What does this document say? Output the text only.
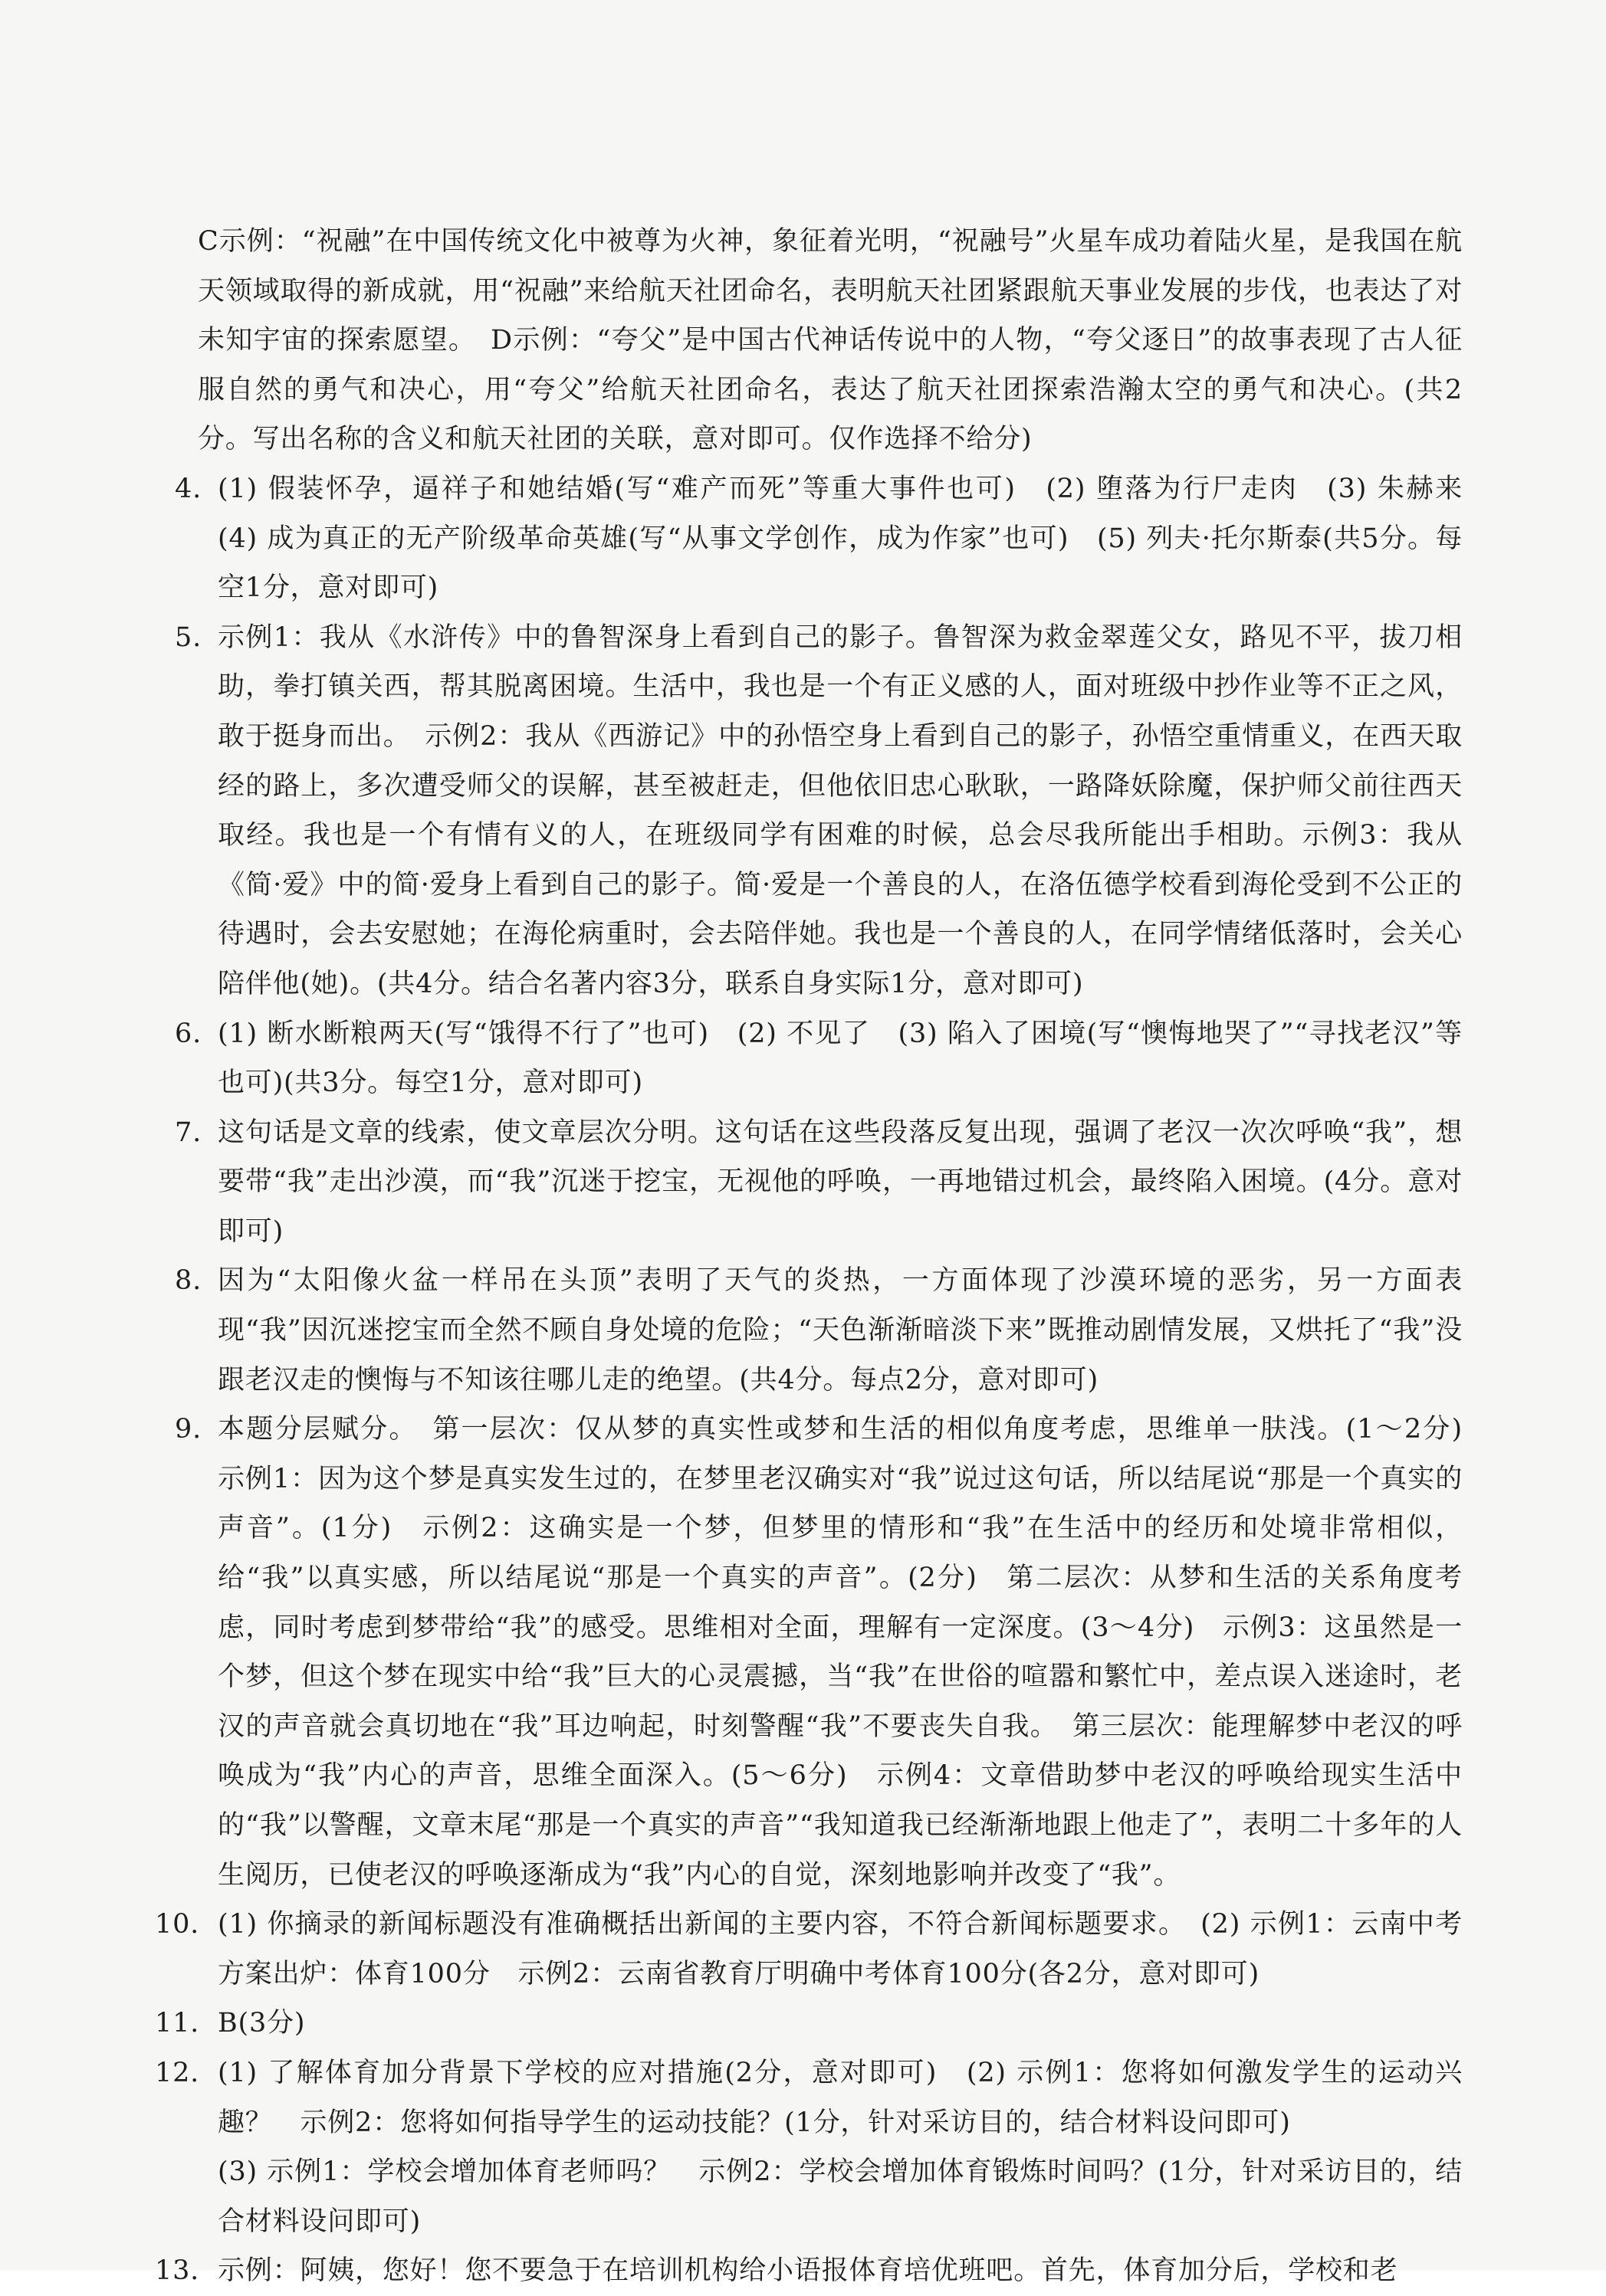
C示例：“祝融”在中国传统文化中被尊为火神，象征着光明，“祝融号”火星车成功着陆火星，是我国在航天领域取得的新成就，用“祝融”来给航天社团命名，表明航天社团紧跟航天事业发展的步伐，也表达了对未知宇宙的探索愿望。　D示例：“夸父”是中国古代神话传说中的人物，“夸父逐日”的故事表现了古人征服自然的勇气和决心，用“夸父”给航天社团命名，表达了航天社团探索浩瀚太空的勇气和决心。(共2分。写出名称的含义和航天社团的关联，意对即可。仅作选择不给分)
4. (1) 假装怀孕，逼祥子和她结婚(写“难产而死”等重大事件也可)　(2) 堕落为行尸走肉　(3) 朱赫来　(4) 成为真正的无产阶级革命英雄(写“从事文学创作，成为作家”也可)　(5) 列夫·托尔斯泰(共5分。每空1分，意对即可)
5. 示例1：我从《水浒传》中的鲁智深身上看到自己的影子。鲁智深为救金翠莲父女，路见不平，拔刀相助，拳打镇关西，帮其脱离困境。生活中，我也是一个有正义感的人，面对班级中抄作业等不正之风，敢于挺身而出。　示例2：我从《西游记》中的孙悟空身上看到自己的影子，孙悟空重情重义，在西天取经的路上，多次遭受师父的误解，甚至被赶走，但他依旧忠心耿耿，一路降妖除魔，保护师父前往西天取经。我也是一个有情有义的人，在班级同学有困难的时候，总会尽我所能出手相助。示例3：我从《简·爱》中的简·爱身上看到自己的影子。简·爱是一个善良的人，在洛伍德学校看到海伦受到不公正的待遇时，会去安慰她；在海伦病重时，会去陪伴她。我也是一个善良的人，在同学情绪低落时，会关心陪伴他(她)。(共4分。结合名著内容3分，联系自身实际1分，意对即可)
6. (1) 断水断粮两天(写“饿得不行了”也可)　(2) 不见了　(3) 陷入了困境(写“懊悔地哭了”“寻找老汉”等也可)(共3分。每空1分，意对即可)
7. 这句话是文章的线索，使文章层次分明。这句话在这些段落反复出现，强调了老汉一次次呼唤“我”，想要带“我”走出沙漠，而“我”沉迷于挖宝，无视他的呼唤，一再地错过机会，最终陷入困境。(4分。意对即可)
8. 因为“太阳像火盆一样吊在头顶”表明了天气的炎热，一方面体现了沙漠环境的恶劣，另一方面表现“我”因沉迷挖宝而全然不顾自身处境的危险；“天色渐渐暗淡下来”既推动剧情发展，又烘托了“我”没跟老汉走的懊悔与不知该往哪儿走的绝望。(共4分。每点2分，意对即可)
9. 本题分层赋分。　第一层次：仅从梦的真实性或梦和生活的相似角度考虑，思维单一肤浅。(1～2分)　示例1：因为这个梦是真实发生过的，在梦里老汉确实对“我”说过这句话，所以结尾说“那是一个真实的声音”。(1分)　示例2：这确实是一个梦，但梦里的情形和“我”在生活中的经历和处境非常相似，给“我”以真实感，所以结尾说“那是一个真实的声音”。(2分)　第二层次：从梦和生活的关系角度考虑，同时考虑到梦带给“我”的感受。思维相对全面，理解有一定深度。(3～4分)　示例3：这虽然是一个梦，但这个梦在现实中给“我”巨大的心灵震撼，当“我”在世俗的喧嚣和繁忙中，差点误入迷途时，老汉的声音就会真切地在“我”耳边响起，时刻警醒“我”不要丧失自我。　第三层次：能理解梦中老汉的呼唤成为“我”内心的声音，思维全面深入。(5～6分)　示例4：文章借助梦中老汉的呼唤给现实生活中的“我”以警醒，文章末尾“那是一个真实的声音”“我知道我已经渐渐地跟上他走了”，表明二十多年的人生阅历，已使老汉的呼唤逐渐成为“我”内心的自觉，深刻地影响并改变了“我”。
10. (1) 你摘录的新闻标题没有准确概括出新闻的主要内容，不符合新闻标题要求。　(2) 示例1：云南中考方案出炉：体育100分　示例2：云南省教育厅明确中考体育100分(各2分，意对即可)
11. B(3分)
12. (1) 了解体育加分背景下学校的应对措施(2分，意对即可)　(2) 示例1：您将如何激发学生的运动兴趣？　示例2：您将如何指导学生的运动技能？(1分，针对采访目的，结合材料设问即可)
(3) 示例1：学校会增加体育老师吗？　示例2：学校会增加体育锻炼时间吗？(1分，针对采访目的，结合材料设问即可)
13. 示例：阿姨，您好！您不要急于在培训机构给小语报体育培优班吧。首先，体育加分后，学校和老
